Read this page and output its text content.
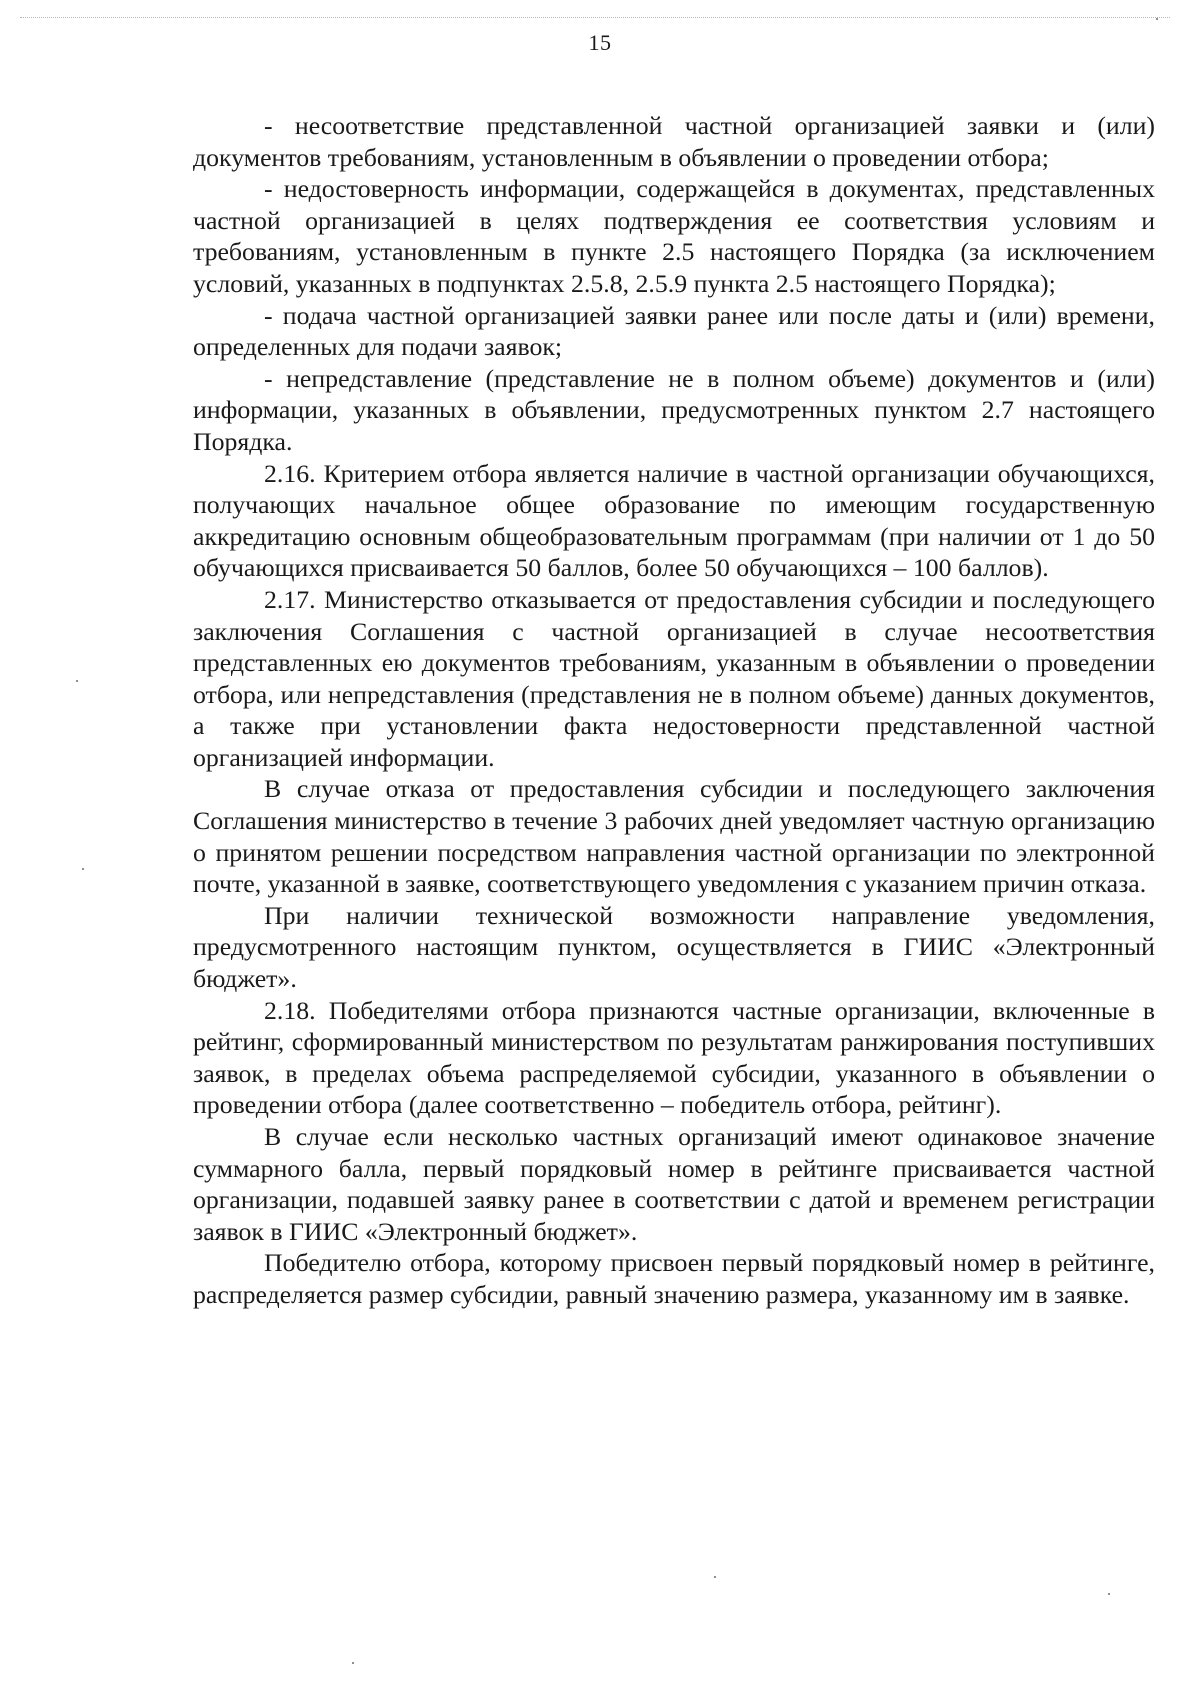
15

- несоответствие представленной частной организацией заявки и (или) документов требованиям, установленным в объявлении о проведении отбора;

- недостоверность информации, содержащейся в документах, представленных частной организацией в целях подтверждения ее соответствия условиям и требованиям, установленным в пункте 2.5 настоящего Порядка (за исключением условий, указанных в подпунктах 2.5.8, 2.5.9 пункта 2.5 настоящего Порядка);

- подача частной организацией заявки ранее или после даты и (или) времени, определенных для подачи заявок;

- непредставление (представление не в полном объеме) документов и (или) информации, указанных в объявлении, предусмотренных пунктом 2.7 настоящего Порядка.

2.16. Критерием отбора является наличие в частной организации обучающихся, получающих начальное общее образование по имеющим государственную аккредитацию основным общеобразовательным программам (при наличии от 1 до 50 обучающихся присваивается 50 баллов, более 50 обучающихся – 100 баллов).

2.17. Министерство отказывается от предоставления субсидии и последующего заключения Соглашения с частной организацией в случае несоответствия представленных ею документов требованиям, указанным в объявлении о проведении отбора, или непредставления (представления не в полном объеме) данных документов, а также при установлении факта недостоверности представленной частной организацией информации.

В случае отказа от предоставления субсидии и последующего заключения Соглашения министерство в течение 3 рабочих дней уведомляет частную организацию о принятом решении посредством направления частной организации по электронной почте, указанной в заявке, соответствующего уведомления с указанием причин отказа.

При наличии технической возможности направление уведомления, предусмотренного настоящим пунктом, осуществляется в ГИИС «Электронный бюджет».

2.18. Победителями отбора признаются частные организации, включенные в рейтинг, сформированный министерством по результатам ранжирования поступивших заявок, в пределах объема распределяемой субсидии, указанного в объявлении о проведении отбора (далее соответственно – победитель отбора, рейтинг).

В случае если несколько частных организаций имеют одинаковое значение суммарного балла, первый порядковый номер в рейтинге присваивается частной организации, подавшей заявку ранее в соответствии с датой и временем регистрации заявок в ГИИС «Электронный бюджет».

Победителю отбора, которому присвоен первый порядковый номер в рейтинге, распределяется размер субсидии, равный значению размера, указанному им в заявке.
